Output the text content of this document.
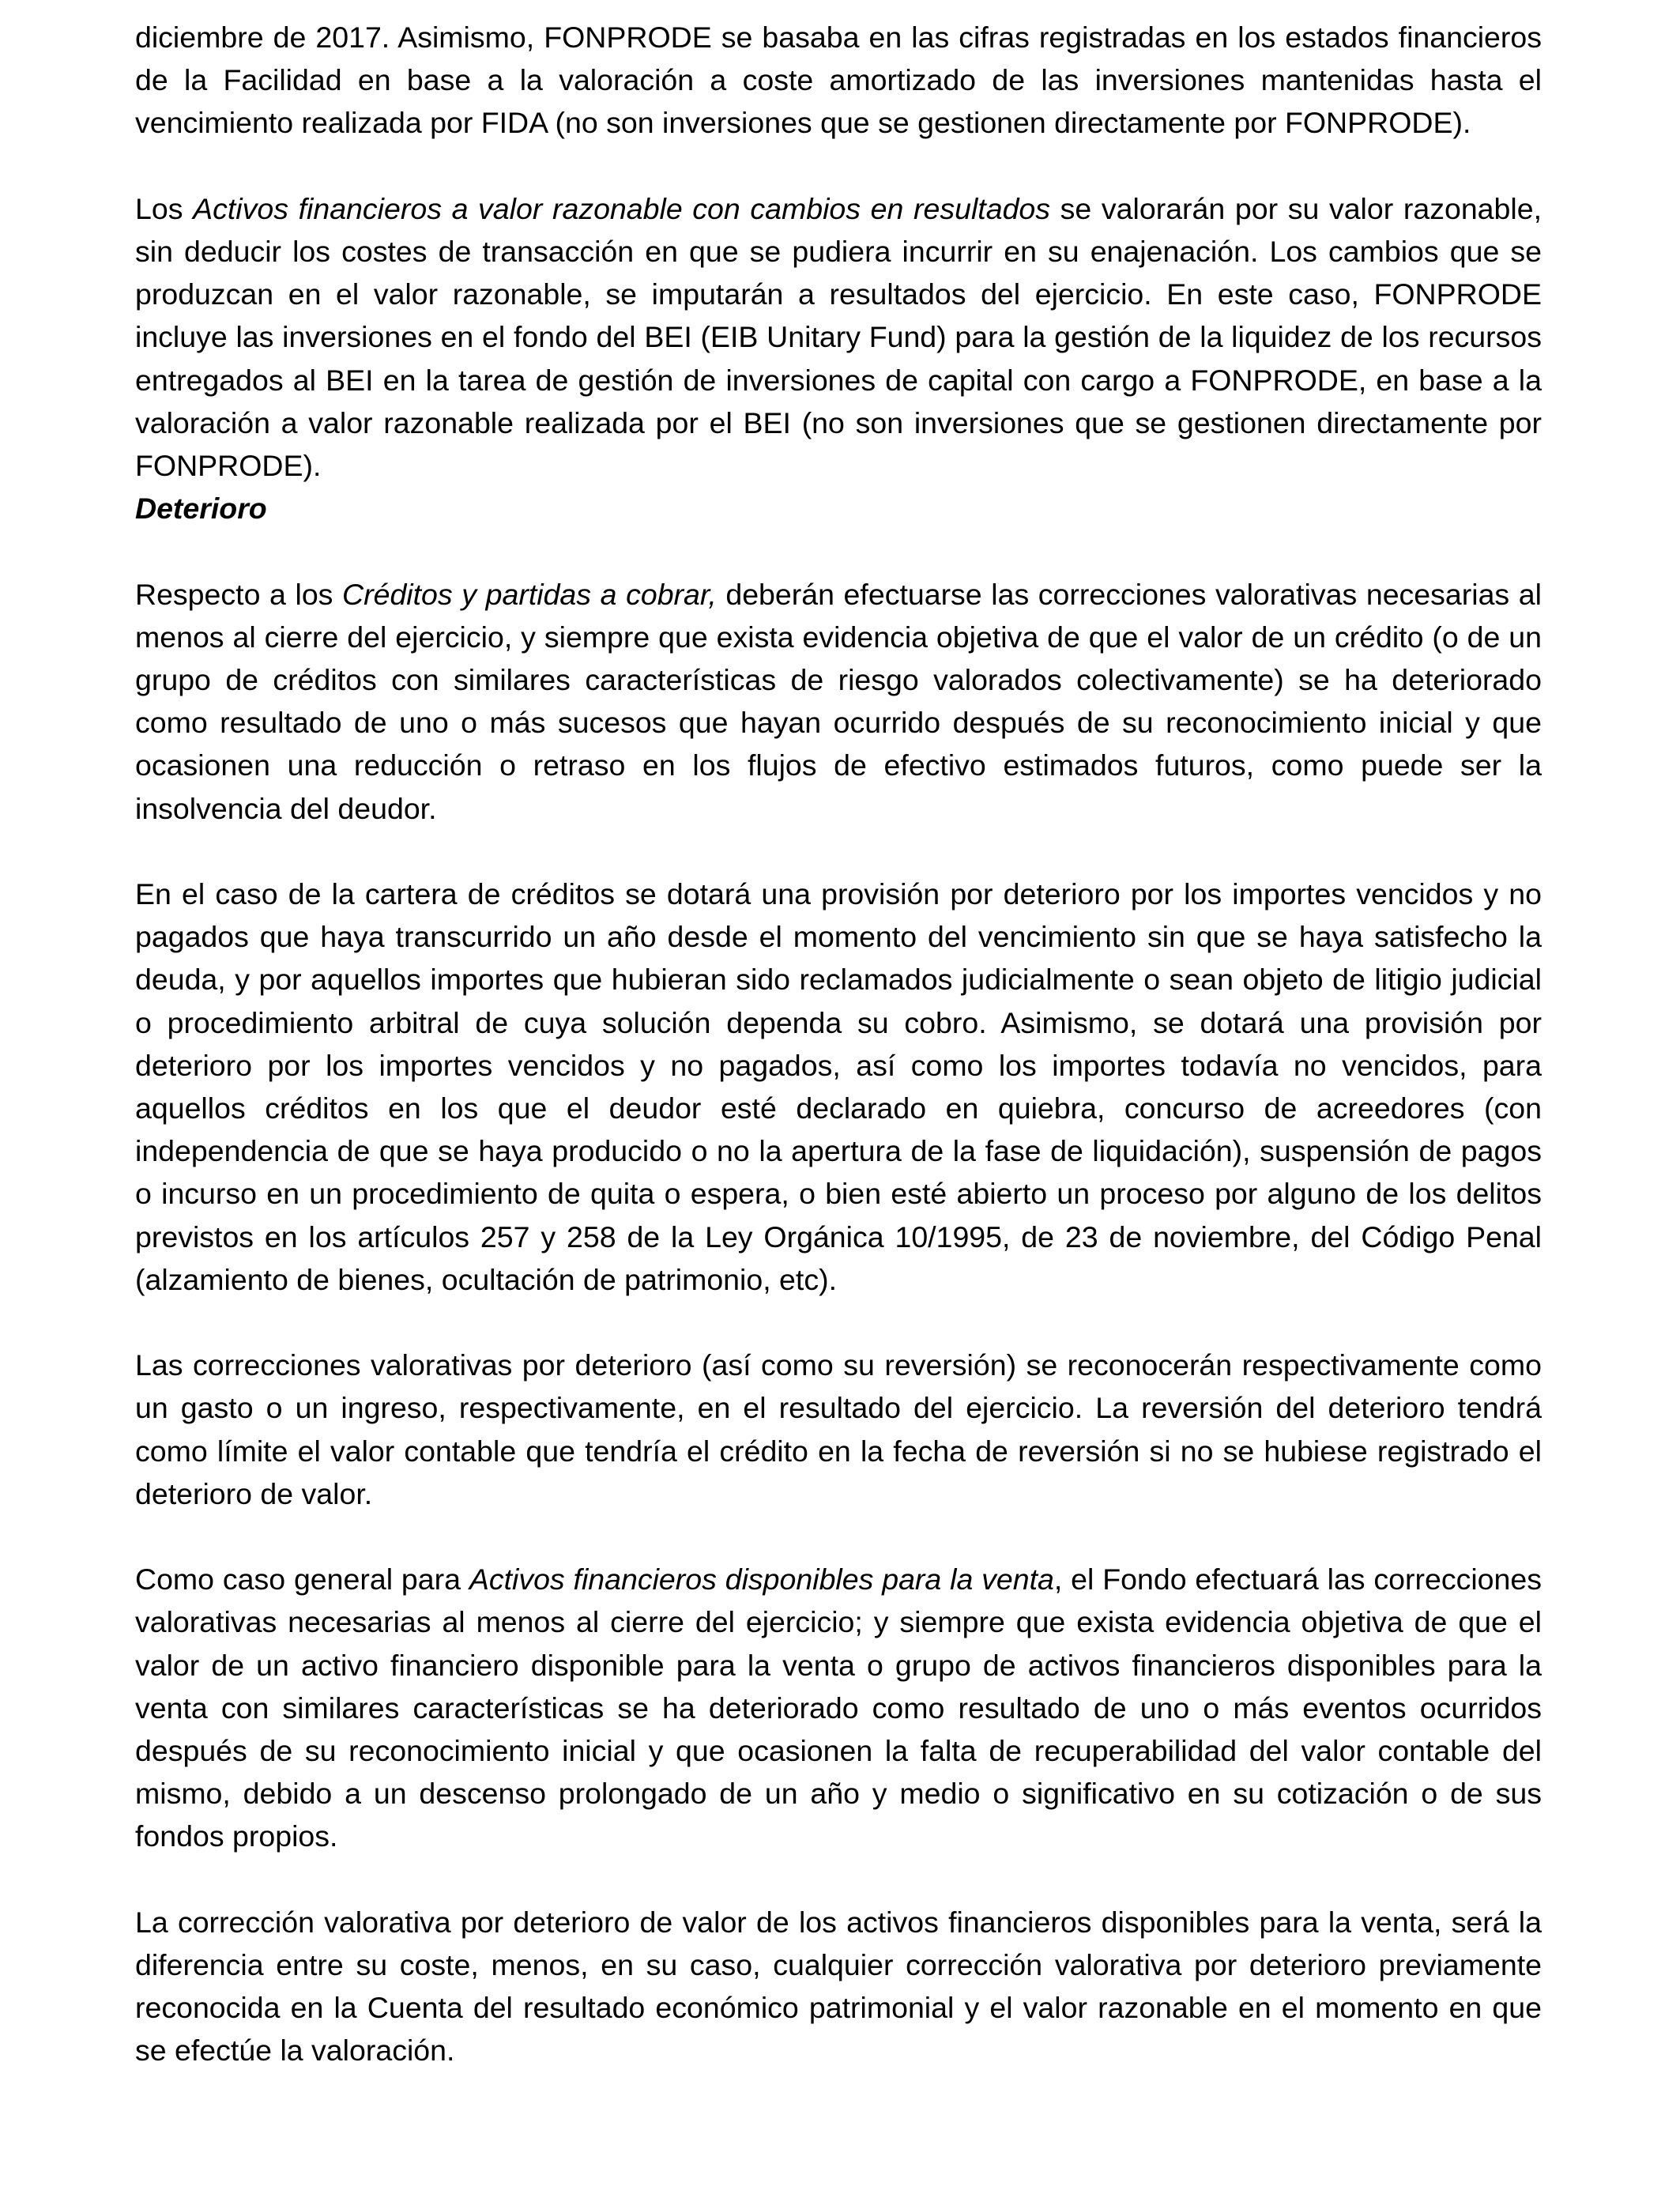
diciembre de 2017. Asimismo, FONPRODE se basaba en las cifras registradas en los estados financieros de la Facilidad en base a la valoración a coste amortizado de las inversiones mantenidas hasta el vencimiento realizada por FIDA (no son inversiones que se gestionen directamente por FONPRODE).

Los Activos financieros a valor razonable con cambios en resultados se valorarán por su valor razonable, sin deducir los costes de transacción en que se pudiera incurrir en su enajenación. Los cambios que se produzcan en el valor razonable, se imputarán a resultados del ejercicio. En este caso, FONPRODE incluye las inversiones en el fondo del BEI (EIB Unitary Fund) para la gestión de la liquidez de los recursos entregados al BEI en la tarea de gestión de inversiones de capital con cargo a FONPRODE, en base a la valoración a valor razonable realizada por el BEI (no son inversiones que se gestionen directamente por FONPRODE).

Deterioro

Respecto a los Créditos y partidas a cobrar, deberán efectuarse las correcciones valorativas necesarias al menos al cierre del ejercicio, y siempre que exista evidencia objetiva de que el valor de un crédito (o de un grupo de créditos con similares características de riesgo valorados colectivamente) se ha deteriorado como resultado de uno o más sucesos que hayan ocurrido después de su reconocimiento inicial y que ocasionen una reducción o retraso en los flujos de efectivo estimados futuros, como puede ser la insolvencia del deudor.

En el caso de la cartera de créditos se dotará una provisión por deterioro por los importes vencidos y no pagados que haya transcurrido un año desde el momento del vencimiento sin que se haya satisfecho la deuda, y por aquellos importes que hubieran sido reclamados judicialmente o sean objeto de litigio judicial o procedimiento arbitral de cuya solución dependa su cobro. Asimismo, se dotará una provisión por deterioro por los importes vencidos y no pagados, así como los importes todavía no vencidos, para aquellos créditos en los que el deudor esté declarado en quiebra, concurso de acreedores (con independencia de que se haya producido o no la apertura de la fase de liquidación), suspensión de pagos o incurso en un procedimiento de quita o espera, o bien esté abierto un proceso por alguno de los delitos previstos en los artículos 257 y 258 de la Ley Orgánica 10/1995, de 23 de noviembre, del Código Penal (alzamiento de bienes, ocultación de patrimonio, etc).

Las correcciones valorativas por deterioro (así como su reversión) se reconocerán respectivamente como un gasto o un ingreso, respectivamente, en el resultado del ejercicio. La reversión del deterioro tendrá como límite el valor contable que tendría el crédito en la fecha de reversión si no se hubiese registrado el deterioro de valor.

Como caso general para Activos financieros disponibles para la venta, el Fondo efectuará las correcciones valorativas necesarias al menos al cierre del ejercicio; y siempre que exista evidencia objetiva de que el valor de un activo financiero disponible para la venta o grupo de activos financieros disponibles para la venta con similares características se ha deteriorado como resultado de uno o más eventos ocurridos después de su reconocimiento inicial y que ocasionen la falta de recuperabilidad del valor contable del mismo, debido a un descenso prolongado de un año y medio o significativo en su cotización o de sus fondos propios.

La corrección valorativa por deterioro de valor de los activos financieros disponibles para la venta, será la diferencia entre su coste, menos, en su caso, cualquier corrección valorativa por deterioro previamente reconocida en la Cuenta del resultado económico patrimonial y el valor razonable en el momento en que se efectúe la valoración.
